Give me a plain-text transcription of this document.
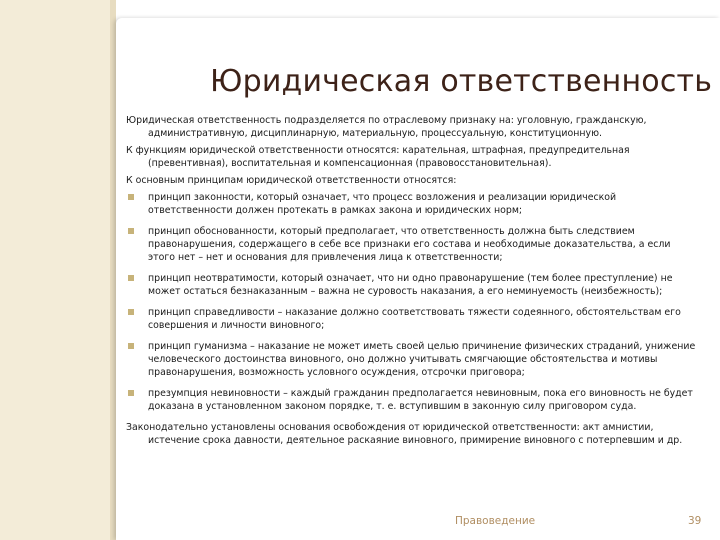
Юридическая ответственность

Юридическая ответственность подразделяется по отраслевому признаку на: уголовную, гражданскую, административную, дисциплинарную, материальную, процессуальную, конституционную.

К функциям юридической ответственности относятся: карательная, штрафная, предупредительная (превентивная), воспитательная и компенсационная (правовосстановительная).

К основным принципам юридической ответственности относятся:

принцип законности, который означает, что процесс возложения и реализации юридической ответственности должен протекать в рамках закона и юридических норм;
принцип обоснованности, который предполагает, что ответственность должна быть следствием правонарушения, содержащего в себе все признаки его состава и необходимые доказательства, а если этого нет – нет и основания для привлечения лица к ответственности;
принцип неотвратимости, который означает, что ни одно правонарушение (тем более преступление) не может остаться безнаказанным – важна не суровость наказания, а его неминуемость (неизбежность);
принцип справедливости – наказание должно соответствовать тяжести содеянного, обстоятельствам его совершения и личности виновного;
принцип гуманизма – наказание не может иметь своей целью причинение физических страданий, унижение человеческого достоинства виновного, оно должно учитывать смягчающие обстоятельства и мотивы правонарушения, возможность условного осуждения, отсрочки приговора;
презумпция невиновности – каждый гражданин предполагается невиновным, пока его виновность не будет доказана в установленном законом порядке, т. е. вступившим в законную силу приговором суда.

Законодательно установлены основания освобождения от юридической ответственности: акт амнистии, истечение срока давности, деятельное раскаяние виновного, примирение виновного с потерпевшим и др.

Правоведение	39
